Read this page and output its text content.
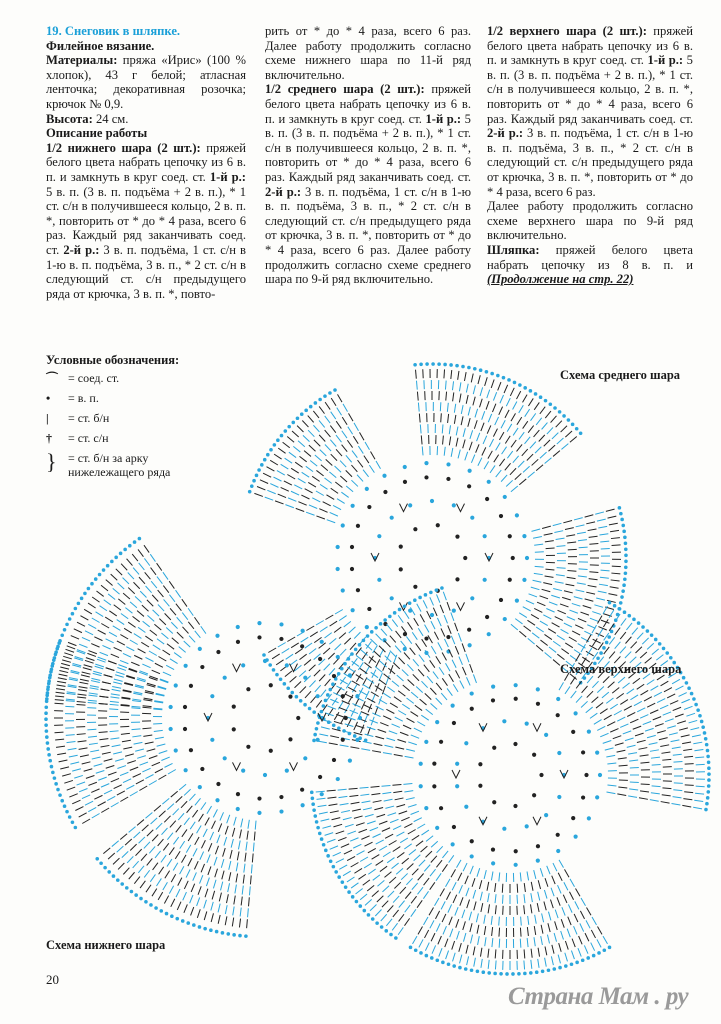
19. Снеговик в шляпке.

Филейное вязание.

Материалы: пряжа «Ирис» (100 % хлопок), 43 г белой; атласная ленточка; декоративная розочка; крючок № 0,9.

Высота: 24 см.

Описание работы

1/2 нижнего шара (2 шт.): пряжей белого цвета набрать цепочку из 6 в. п. и замкнуть в круг соед. ст. 1-й р.: 5 в. п. (3 в. п. подъёма + 2 в. п.), * 1 ст. с/н в получившееся кольцо, 2 в. п. *, повторить от * до * 4 раза, всего 6 раз. Каждый ряд заканчивать соед. ст. 2-й р.: 3 в. п. подъёма, 1 ст. с/н в 1-ю в. п. подъёма, 3 в. п., * 2 ст. с/н в следующий ст. с/н предыдущего ряда от крючка, 3 в. п. *, повто-

рить от * до * 4 раза, всего 6 раз. Далее работу продолжить согласно схеме нижнего шара по 11-й ряд включительно.

1/2 среднего шара (2 шт.): пряжей белого цвета набрать цепочку из 6 в. п. и замкнуть в круг соед. ст. 1-й р.: 5 в. п. (3 в. п. подъёма + 2 в. п.), * 1 ст. с/н в получившееся кольцо, 2 в. п. *, повторить от * до * 4 раза, всего 6 раз. Каждый ряд заканчивать соед. ст. 2-й р.: 3 в. п. подъёма, 1 ст. с/н в 1-ю в. п. подъёма, 3 в. п., * 2 ст. с/н в следующий ст. с/н предыдущего ряда от крючка, 3 в. п. *, повторить от * до * 4 раза, всего 6 раз. Далее работу продолжить согласно схеме среднего шара по 9-й ряд включительно.

1/2 верхнего шара (2 шт.): пряжей белого цвета набрать цепочку из 6 в. п. и замкнуть в круг соед. ст. 1-й р.: 5 в. п. (3 в. п. подъёма + 2 в. п.), * 1 ст. с/н в получившееся кольцо, 2 в. п. *, повторить от * до * 4 раза, всего 6 раз. Каждый ряд заканчивать соед. ст. 2-й р.: 3 в. п. подъёма, 1 ст. с/н в 1-ю в. п. подъёма, 3 в. п., * 2 ст. с/н в следующий ст. с/н предыдущего ряда от крючка, 3 в. п. *, повторить от * до * 4 раза, всего 6 раз.

Далее работу продолжить согласно схеме верхнего шара по 9-й ряд включительно.

Шляпка: пряжей белого цвета набрать цепочку из 8 в. п. и (Продолжение на стр. 22)

Условные обозначения:
⌒ = соед. ст.
•	= в. п.
|	= ст. б/н
†	= ст. с/н
} = ст. б/н за арку нижележащего ряда
Схема среднего шара
Схема верхнего шара
Схема нижнего шара
20
Страна Мам . ру
